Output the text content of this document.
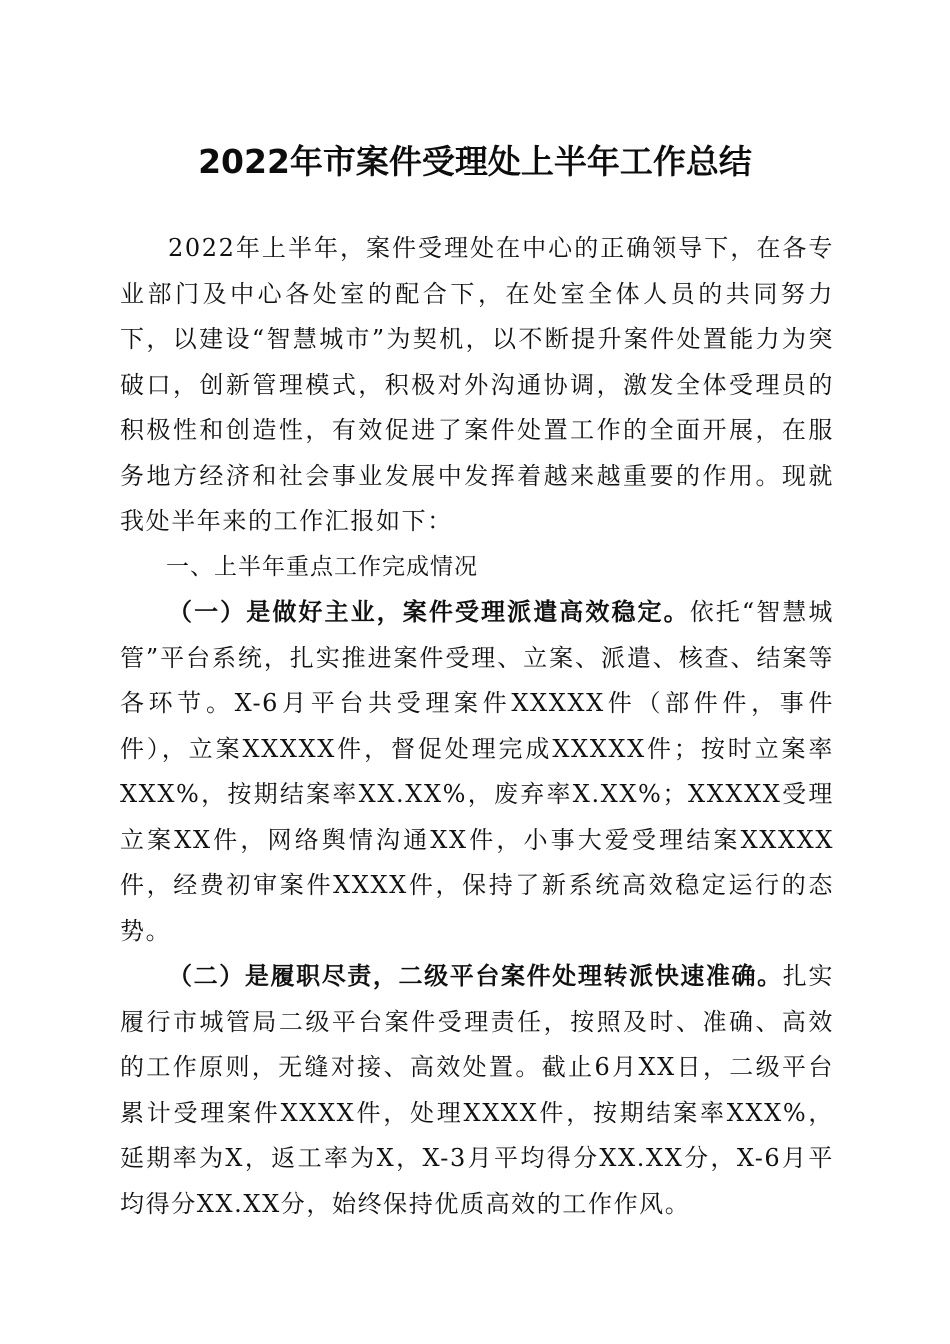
2022年市案件受理处上半年工作总结

2022年上半年，案件受理处在中心的正确领导下，在各专业部门及中心各处室的配合下，在处室全体人员的共同努力下，以建设“智慧城市”为契机，以不断提升案件处置能力为突破口，创新管理模式，积极对外沟通协调，激发全体受理员的积极性和创造性，有效促进了案件处置工作的全面开展，在服务地方经济和社会事业发展中发挥着越来越重要的作用。现就我处半年来的工作汇报如下：

一、上半年重点工作完成情况

（一）是做好主业，案件受理派遣高效稳定。依托“智慧城管”平台系统，扎实推进案件受理、立案、派遣、核查、结案等各环节。X-6月平台共受理案件XXXXX件（部件件，事件件），立案XXXXX件，督促处理完成XXXXX件；按时立案率XXX%，按期结案率XX.XX%，废弃率X.XX%；XXXXX受理立案XX件，网络舆情沟通XX件，小事大爱受理结案XXXXX件，经费初审案件XXXX件，保持了新系统高效稳定运行的态势。

（二）是履职尽责，二级平台案件处理转派快速准确。扎实履行市城管局二级平台案件受理责任，按照及时、准确、高效的工作原则，无缝对接、高效处置。截止6月XX日，二级平台累计受理案件XXXX件，处理XXXX件，按期结案率XXX%，延期率为X，返工率为X，X-3月平均得分XX.XX分，X-6月平均得分XX.XX分，始终保持优质高效的工作作风。
